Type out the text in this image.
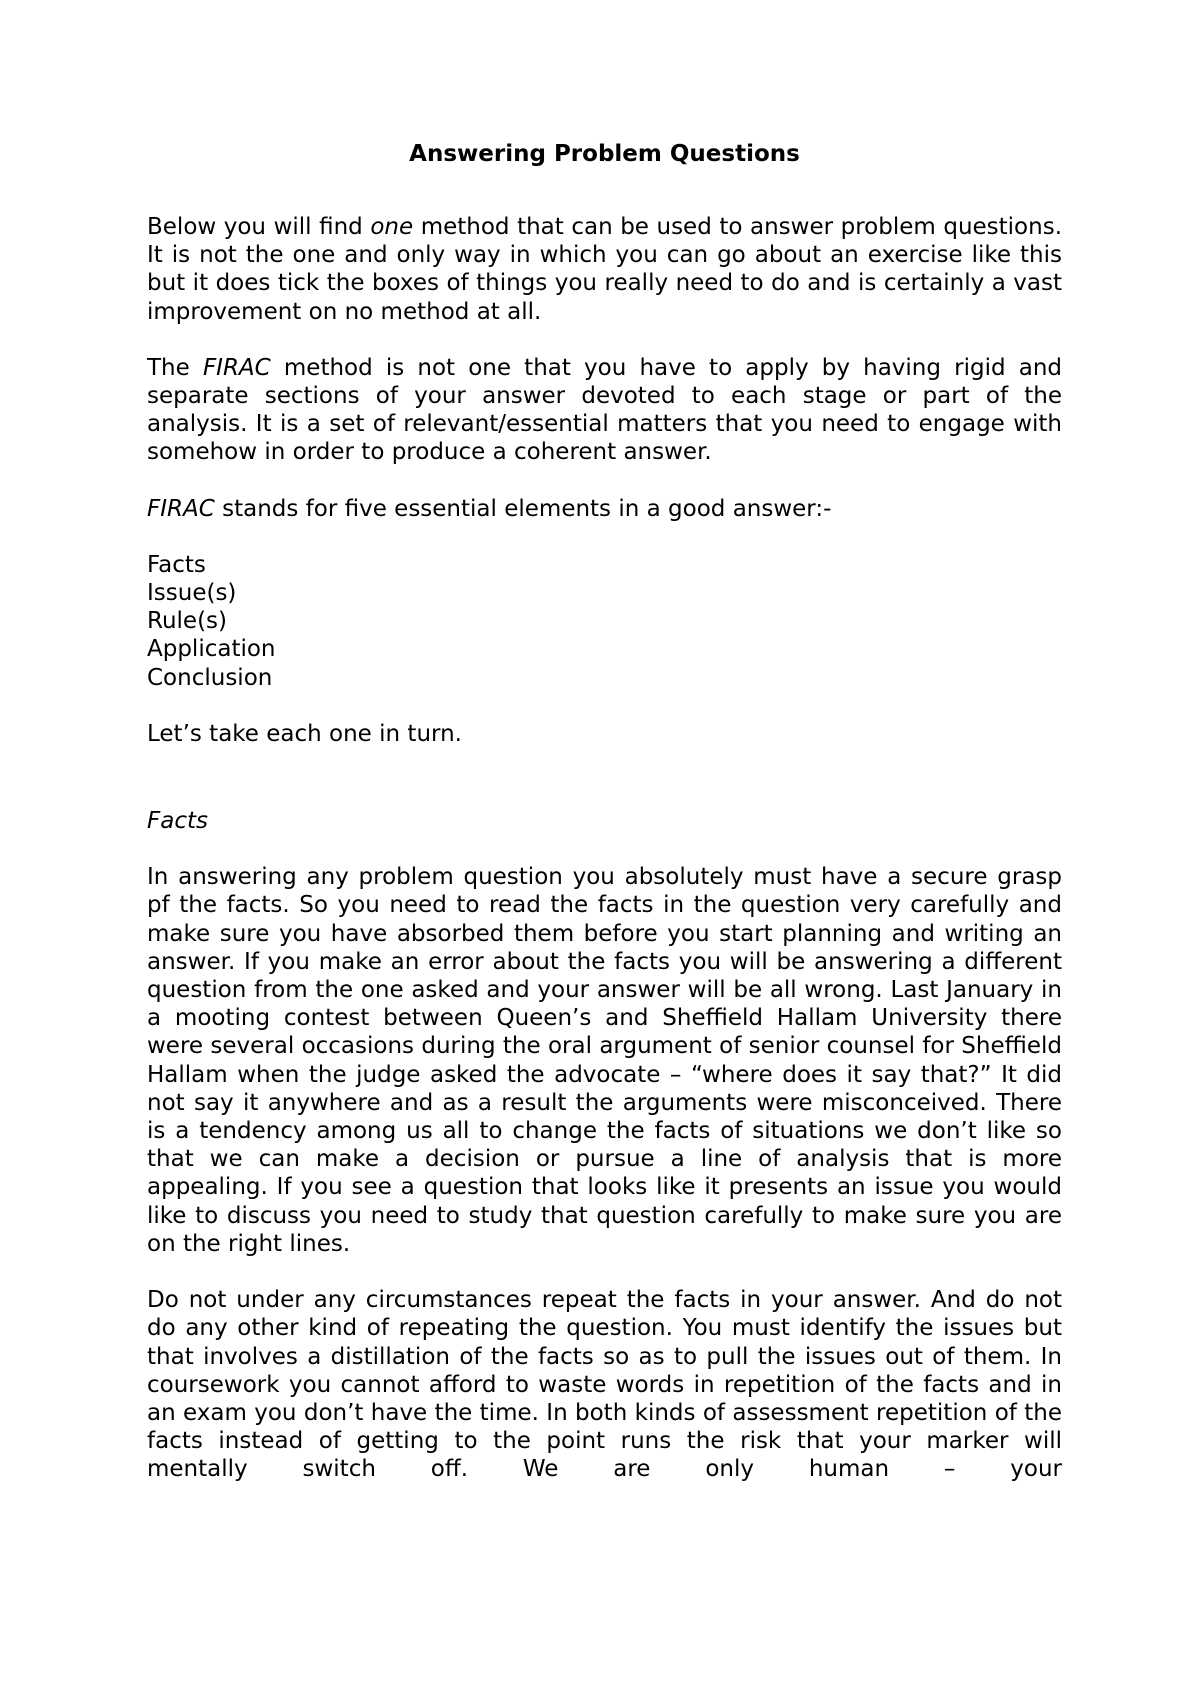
Answering Problem Questions

Below you will find one method that can be used to answer problem questions. It is not the one and only way in which you can go about an exercise like this but it does tick the boxes of things you really need to do and is certainly a vast improvement on no method at all.

The FIRAC method is not one that you have to apply by having rigid and separate sections of your answer devoted to each stage or part of the analysis. It is a set of relevant/essential matters that you need to engage with somehow in order to produce a coherent answer.

FIRAC stands for five essential elements in a good answer:-

Facts

Issue(s)

Rule(s)

Application

Conclusion

Let’s take each one in turn.

Facts

In answering any problem question you absolutely must have a secure grasp pf the facts. So you need to read the facts in the question very carefully and make sure you have absorbed them before you start planning and writing an answer. If you make an error about the facts you will be answering a different question from the one asked and your answer will be all wrong. Last January in a mooting contest between Queen’s and Sheffield Hallam University there were several occasions during the oral argument of senior counsel for Sheffield Hallam when the judge asked the advocate – “where does it say that?” It did not say it anywhere and as a result the arguments were misconceived. There is a tendency among us all to change the facts of situations we don’t like so that we can make a decision or pursue a line of analysis that is more appealing. If you see a question that looks like it presents an issue you would like to discuss you need to study that question carefully to make sure you are on the right lines.

Do not under any circumstances repeat the facts in your answer. And do not do any other kind of repeating the question. You must identify the issues but that involves a distillation of the facts so as to pull the issues out of them. In coursework you cannot afford to waste words in repetition of the facts and in an exam you don’t have the time. In both kinds of assessment repetition of the facts instead of getting to the point runs the risk that your marker will mentally switch off. We are only human – your
